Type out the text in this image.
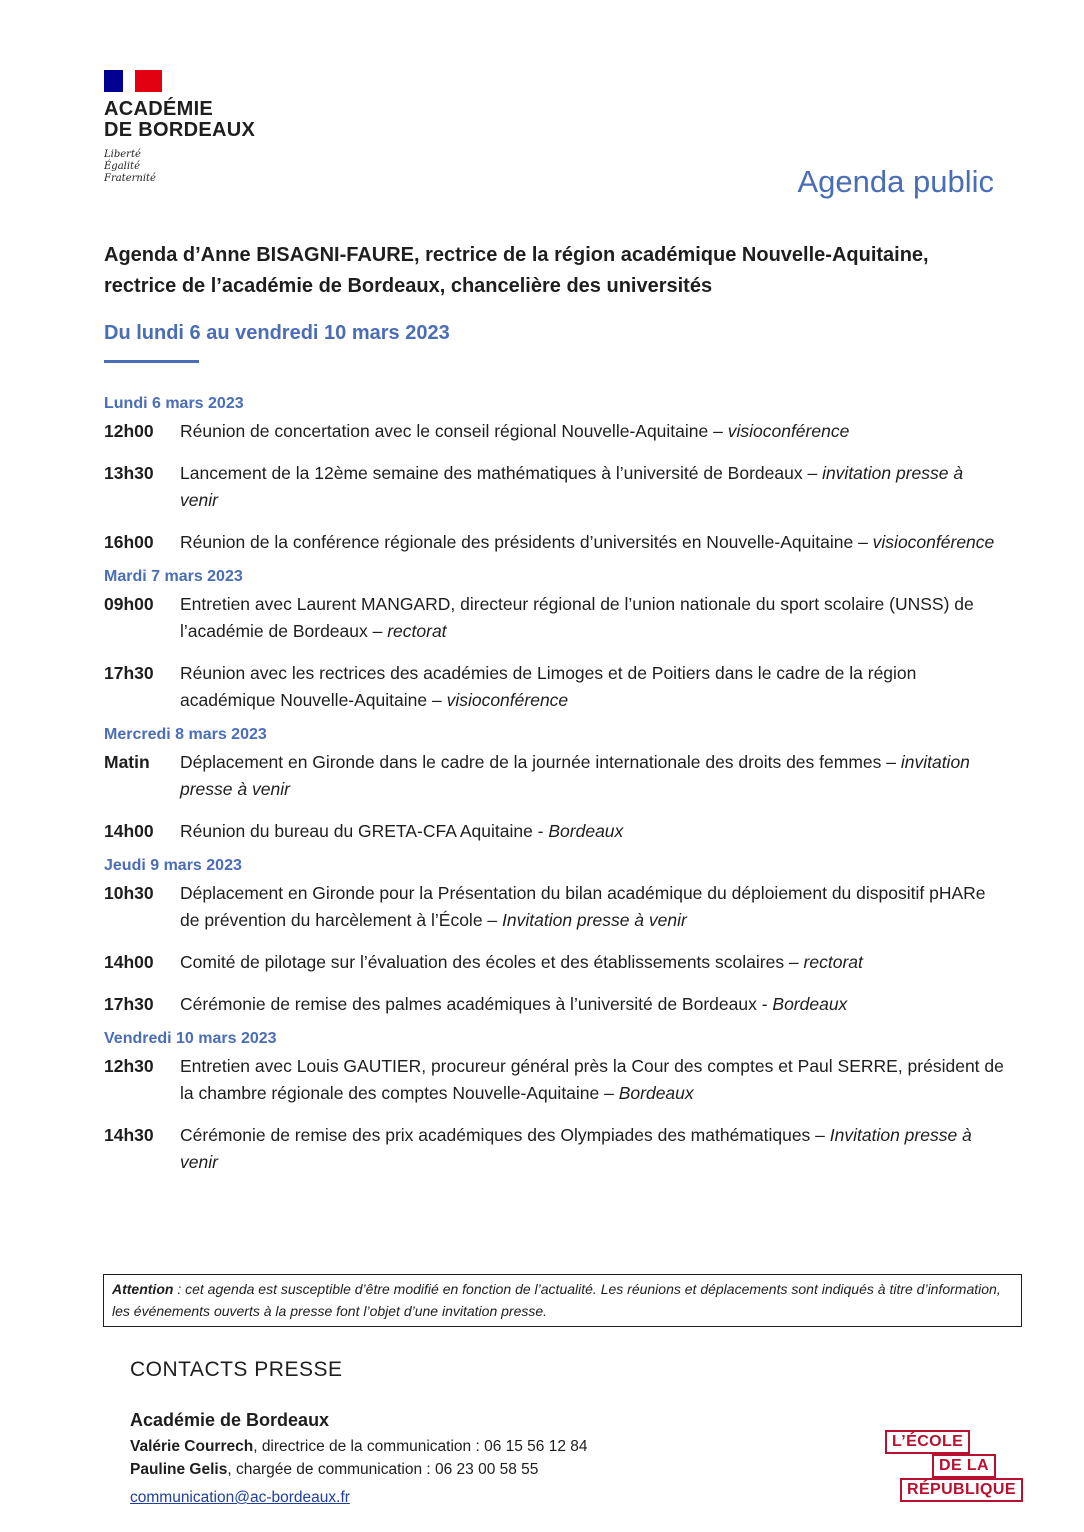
ACADÉMIE
DE BORDEAUX
Liberté
Égalité
Fraternité	Agenda public
Agenda d’Anne BISAGNI-FAURE, rectrice de la région académique Nouvelle-Aquitaine, rectrice de l’académie de Bordeaux, chancelière des universités
Du lundi 6 au vendredi 10 mars 2023
Lundi 6 mars 2023
12h00	Réunion de concertation avec le conseil régional Nouvelle-Aquitaine – visioconférence
13h30	Lancement de la 12ème semaine des mathématiques à l’université de Bordeaux – invitation presse à venir
16h00	Réunion de la conférence régionale des présidents d’universités en Nouvelle-Aquitaine – visioconférence
Mardi 7 mars 2023
09h00	Entretien avec Laurent MANGARD, directeur régional de l’union nationale du sport scolaire (UNSS) de l’académie de Bordeaux – rectorat
17h30	Réunion avec les rectrices des académies de Limoges et de Poitiers dans le cadre de la région académique Nouvelle-Aquitaine – visioconférence
Mercredi 8 mars 2023
Matin	Déplacement en Gironde dans le cadre de la journée internationale des droits des femmes – invitation presse à venir
14h00	Réunion du bureau du GRETA-CFA Aquitaine - Bordeaux
Jeudi 9 mars 2023
10h30	Déplacement en Gironde pour la Présentation du bilan académique du déploiement du dispositif pHARe de prévention du harcèlement à l’École – Invitation presse à venir
14h00	Comité de pilotage sur l’évaluation des écoles et des établissements scolaires – rectorat
17h30	Cérémonie de remise des palmes académiques à l’université de Bordeaux - Bordeaux
Vendredi 10 mars 2023
12h30	Entretien avec Louis GAUTIER, procureur général près la Cour des comptes et Paul SERRE, président de la chambre régionale des comptes Nouvelle-Aquitaine – Bordeaux
14h30	Cérémonie de remise des prix académiques des Olympiades des mathématiques – Invitation presse à venir
Attention : cet agenda est susceptible d’être modifié en fonction de l’actualité. Les réunions et déplacements sont indiqués à titre d’information, les événements ouverts à la presse font l’objet d’une invitation presse.
CONTACTS PRESSE
Académie de Bordeaux
Valérie Courrech, directrice de la communication : 06 15 56 12 84
Pauline Gelis, chargée de communication : 06 23 00 58 55
communication@ac-bordeaux.fr
L’ÉCOLE
DE LA
RÉPUBLIQUE
